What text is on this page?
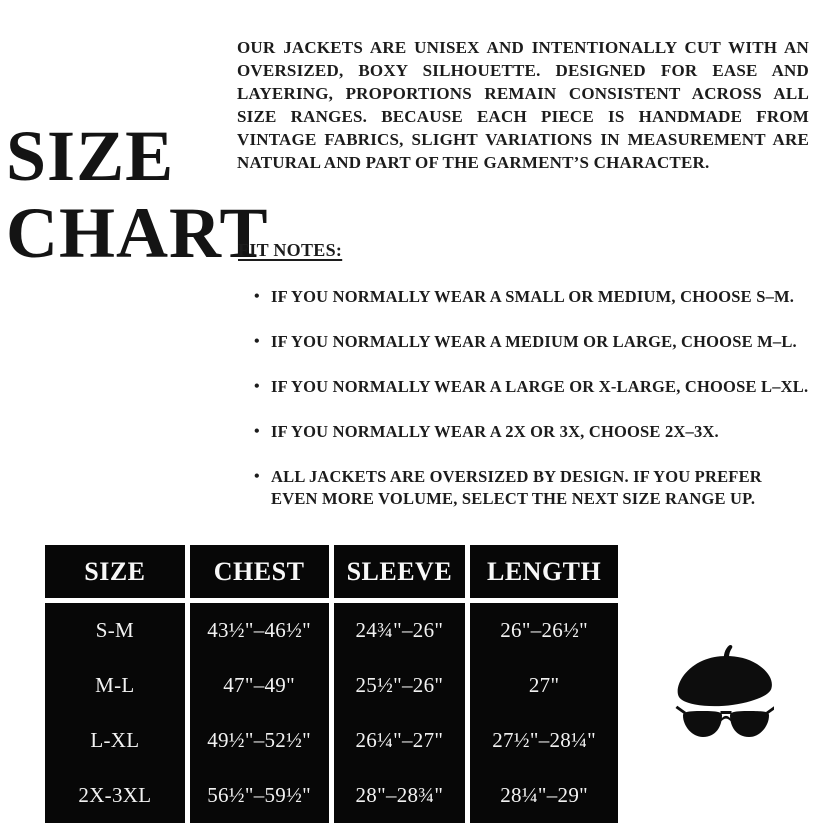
SIZE
CHART

OUR JACKETS ARE UNISEX AND INTENTIONALLY CUT WITH AN OVERSIZED, BOXY SILHOUETTE. DESIGNED FOR EASE AND LAYERING, PROPORTIONS REMAIN CONSISTENT ACROSS ALL SIZE RANGES. BECAUSE EACH PIECE IS HANDMADE FROM VINTAGE FABRICS, SLIGHT VARIATIONS IN MEASUREMENT ARE NATURAL AND PART OF THE GARMENT’S CHARACTER.

FIT NOTES:
• IF YOU NORMALLY WEAR A SMALL OR MEDIUM, CHOOSE S–M.
• IF YOU NORMALLY WEAR A MEDIUM OR LARGE, CHOOSE M–L.
• IF YOU NORMALLY WEAR A LARGE OR X-LARGE, CHOOSE L–XL.
• IF YOU NORMALLY WEAR A 2X OR 3X, CHOOSE 2X–3X.
• ALL JACKETS ARE OVERSIZED BY DESIGN. IF YOU PREFER EVEN MORE VOLUME, SELECT THE NEXT SIZE RANGE UP.
SIZE	CHEST	SLEEVE	LENGTH
S-M	43½"–46½"	24¾"–26"	26"–26½"
M-L	47"–49"	25½"–26"	27"
L-XL	49½"–52½"	26¼"–27"	27½"–28¼"
2X-3XL	56½"–59½"	28"–28¾"	28¼"–29"
